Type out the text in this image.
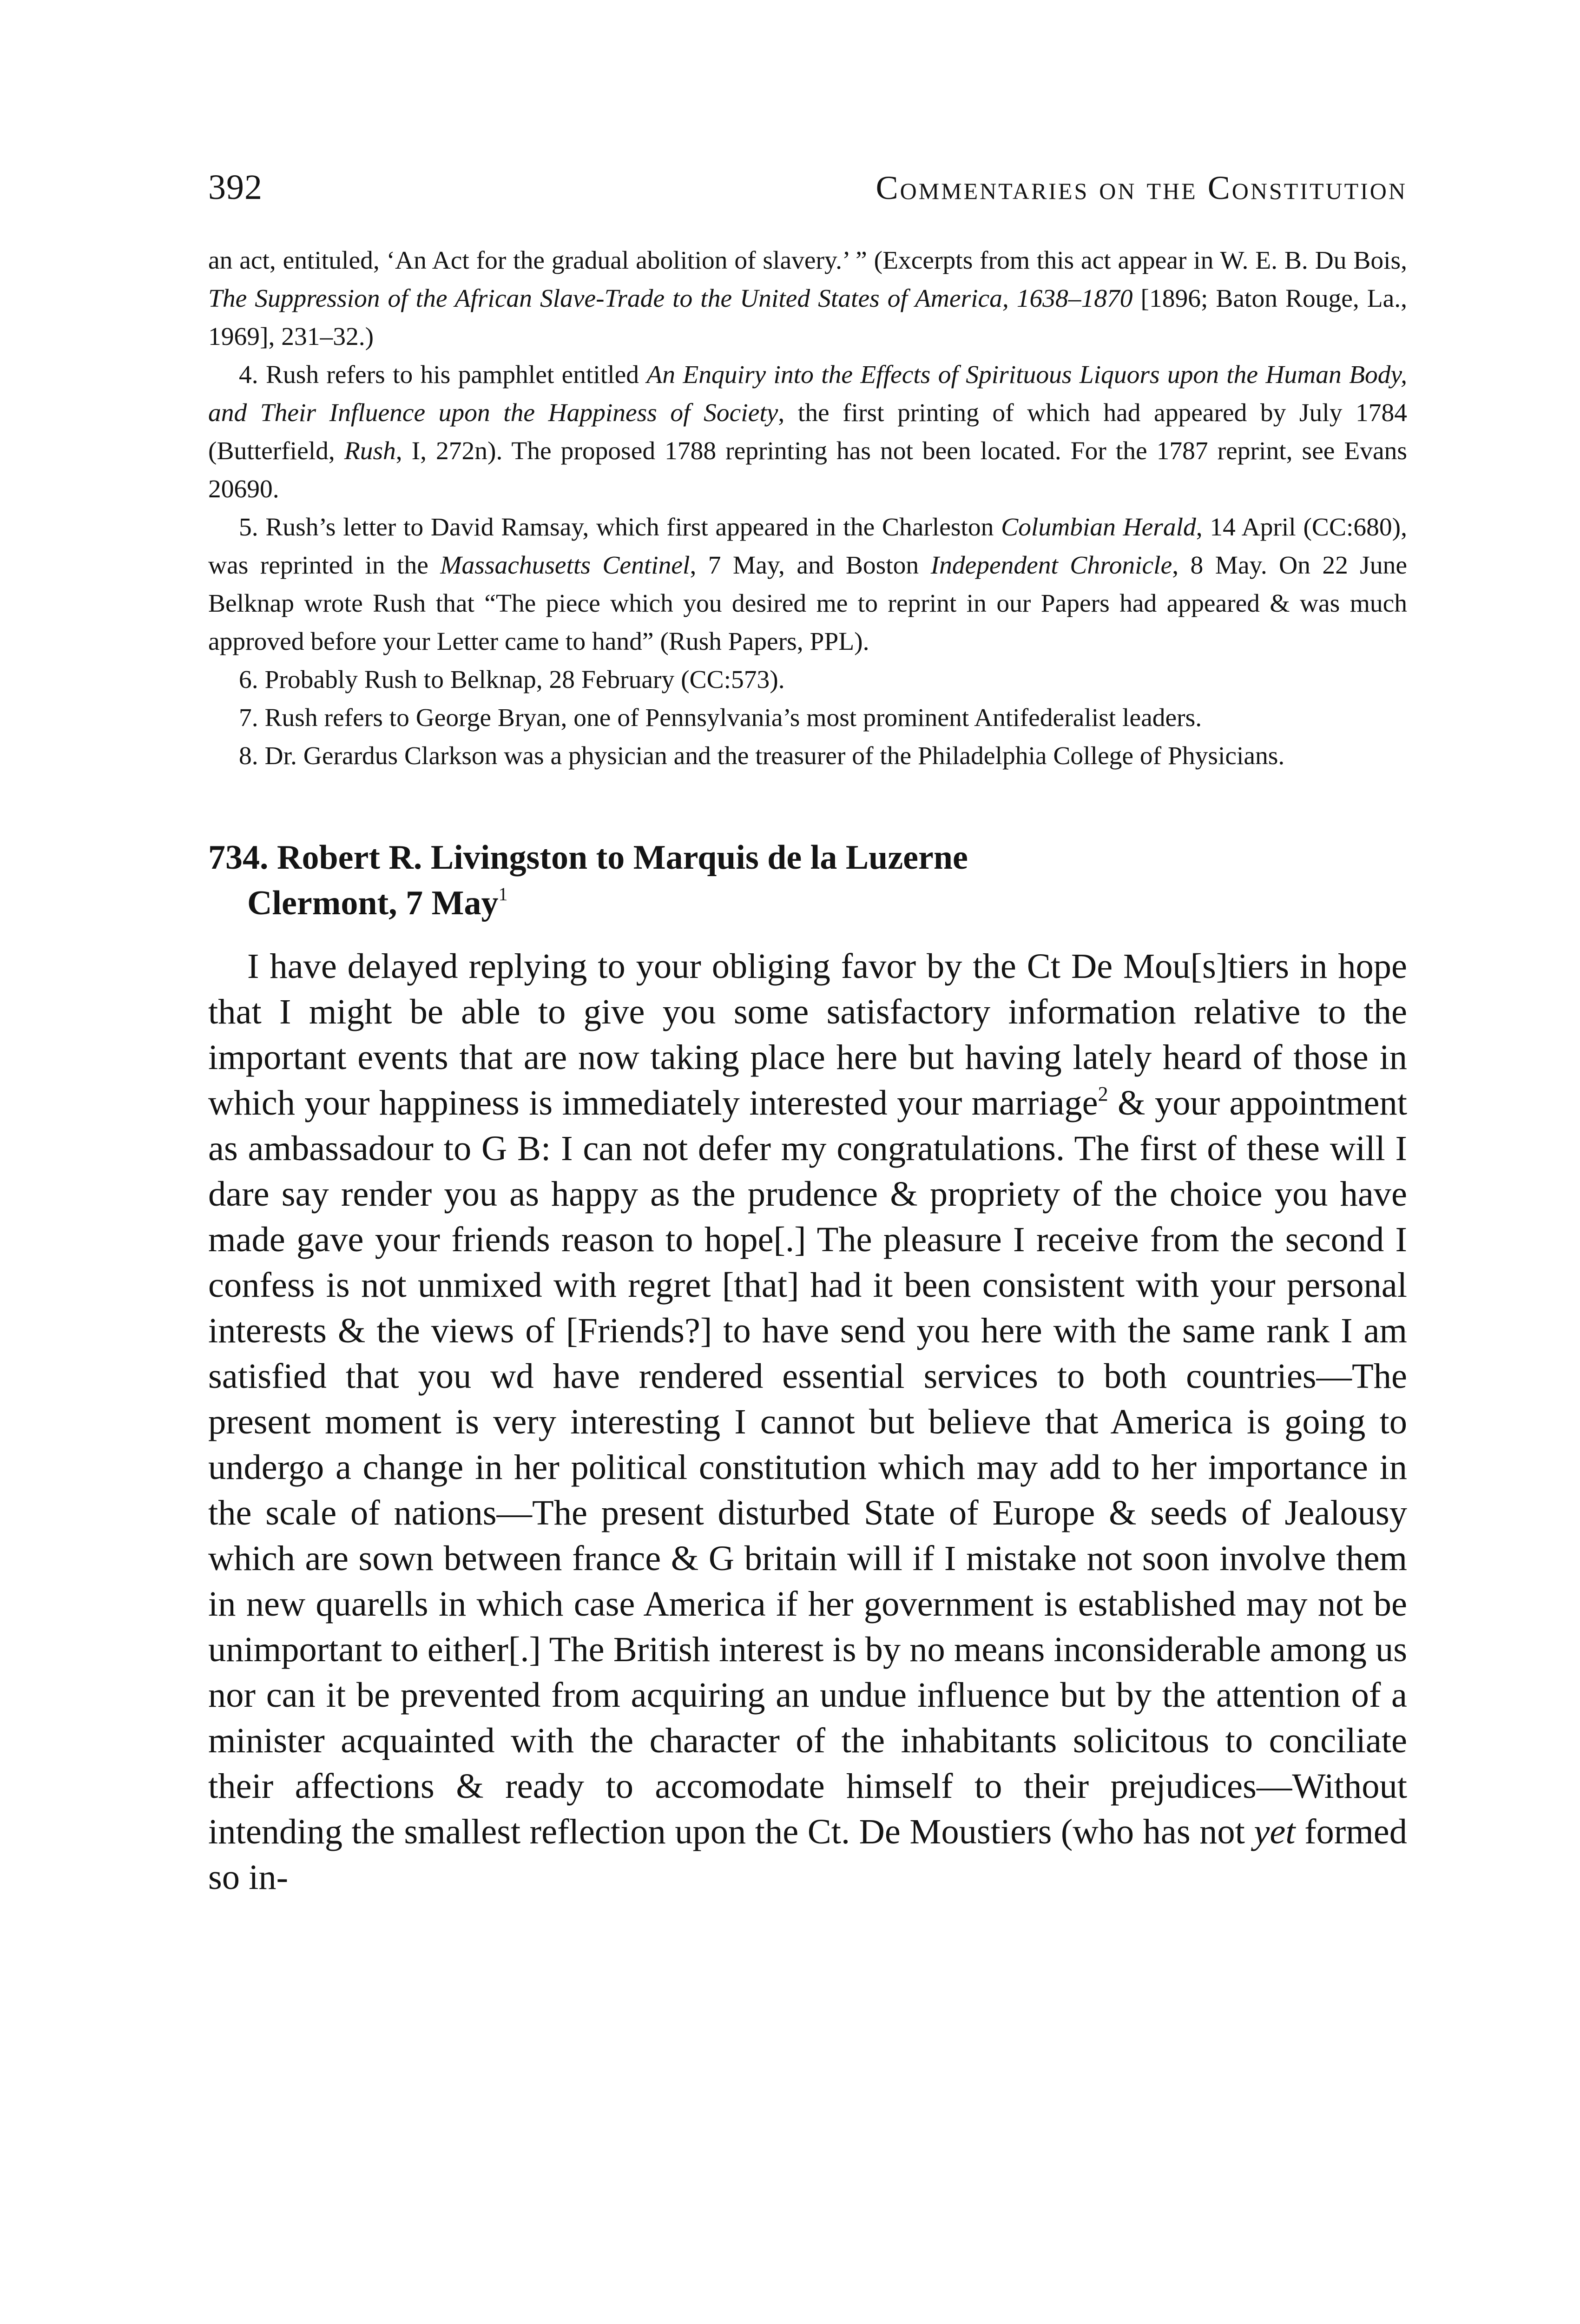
392	Commentaries on the Constitution

an act, entituled, ‘An Act for the gradual abolition of slavery.’ ” (Excerpts from this act appear in W. E. B. Du Bois, The Suppression of the African Slave-Trade to the United States of America, 1638–1870 [1896; Baton Rouge, La., 1969], 231–32.)

4. Rush refers to his pamphlet entitled An Enquiry into the Effects of Spirituous Liquors upon the Human Body, and Their Influence upon the Happiness of Society, the first printing of which had appeared by July 1784 (Butterfield, Rush, I, 272n). The proposed 1788 reprinting has not been located. For the 1787 reprint, see Evans 20690.

5. Rush’s letter to David Ramsay, which first appeared in the Charleston Columbian Herald, 14 April (CC:680), was reprinted in the Massachusetts Centinel, 7 May, and Boston Independent Chronicle, 8 May. On 22 June Belknap wrote Rush that “The piece which you desired me to reprint in our Papers had appeared & was much approved before your Letter came to hand” (Rush Papers, PPL).

6. Probably Rush to Belknap, 28 February (CC:573).

7. Rush refers to George Bryan, one of Pennsylvania’s most prominent Antifederalist leaders.

8. Dr. Gerardus Clarkson was a physician and the treasurer of the Philadelphia College of Physicians.

734. Robert R. Livingston to Marquis de la Luzerne
Clermont, 7 May$^1$

I have delayed replying to your obliging favor by the Ct De Mou[s]tiers in hope that I might be able to give you some satisfactory information relative to the important events that are now taking place here but having lately heard of those in which your happiness is immediately interested your marriage$^2$ & your appointment as ambassadour to G B: I can not defer my congratulations. The first of these will I dare say render you as happy as the prudence & propriety of the choice you have made gave your friends reason to hope[.] The pleasure I receive from the second I confess is not unmixed with regret [that] had it been consistent with your personal interests & the views of [Friends?] to have send you here with the same rank I am satisfied that you wd have rendered essential services to both countries—The present moment is very interesting I cannot but believe that America is going to undergo a change in her political constitution which may add to her importance in the scale of nations—The present disturbed State of Europe & seeds of Jealousy which are sown between france & G britain will if I mistake not soon involve them in new quarells in which case America if her government is established may not be unimportant to either[.] The British interest is by no means inconsiderable among us nor can it be prevented from acquiring an undue influence but by the attention of a minister acquainted with the character of the inhabitants solicitous to conciliate their affections & ready to accomodate himself to their prejudices—Without intending the smallest reflection upon the Ct. De Moustiers (who has not yet formed so in-
